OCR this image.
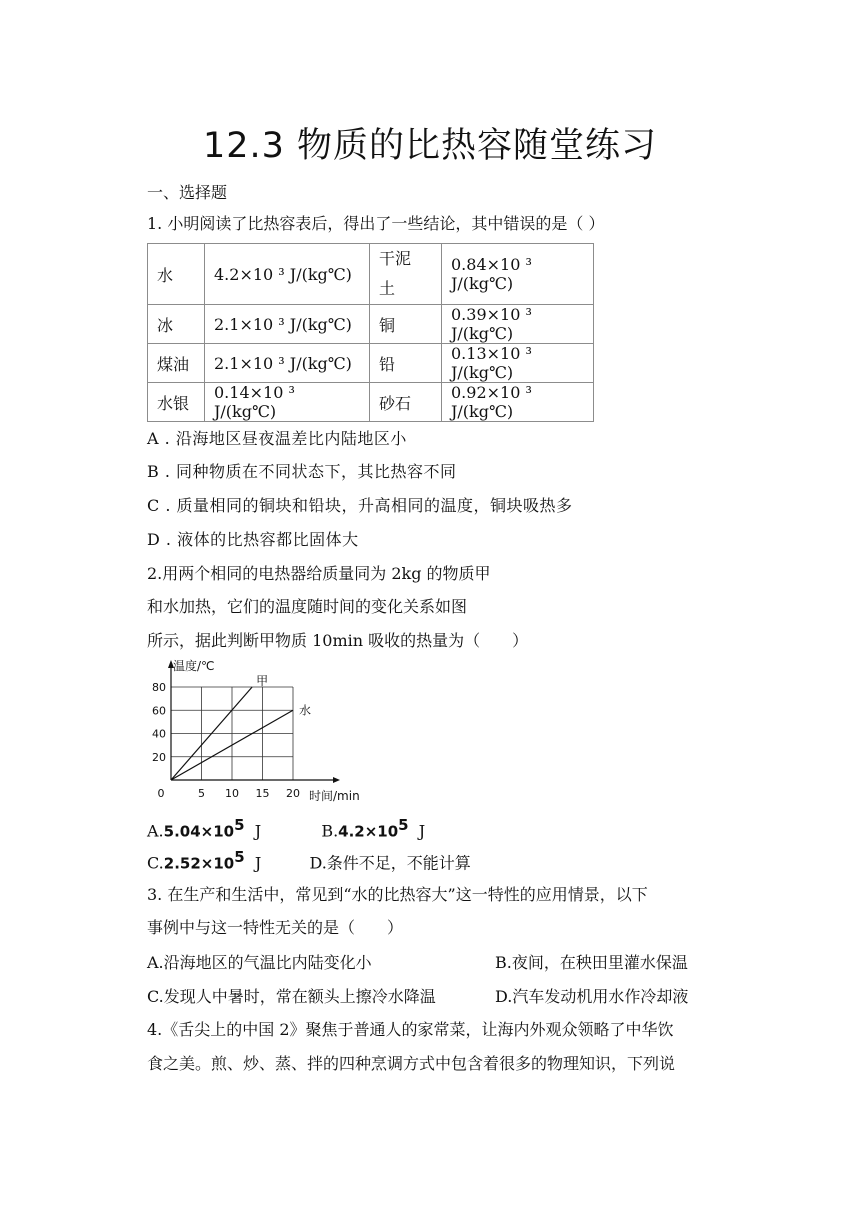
12.3 物质的比热容随堂练习
一、选择题
1. 小明阅读了比热容表后，得出了一些结论，其中错误的是（ ）
水	4.2×10 ³ J/(kg℃)	干泥土	0.84×10 ³ J/(kg℃)
冰	2.1×10 ³ J/(kg℃)	铜	0.39×10 ³ J/(kg℃)
煤油	2.1×10 ³ J/(kg℃)	铅	0.13×10 ³ J/(kg℃)
水银	0.14×10 ³ J/(kg℃)	砂石	0.92×10 ³ J/(kg℃)
A . 沿海地区昼夜温差比内陆地区小
B . 同种物质在不同状态下，其比热容不同
C . 质量相同的铜块和铅块，升高相同的温度，铜块吸热多
D . 液体的比热容都比固体大
2.用两个相同的电热器给质量同为 2kg 的物质甲
和水加热，它们的温度随时间的变化关系如图
所示，据此判断甲物质 10min 吸收的热量为（　　）
0	5 10 15 20
20
40
60
80	甲
水
温度/℃
时间/min
$A.5.04\times 10^5$ J	$B.4.2\times 10^5$ J
$C.2.52\times 10^5$ J	D.条件不足，不能计算
3. 在生产和生活中，常见到“水的比热容大”这一特性的应用情景，以下
事例中与这一特性无关的是（　　）
A.沿海地区的气温比内陆变化小	B.夜间，在秧田里灌水保温
C.发现人中暑时，常在额头上擦冷水降温	D.汽车发动机用水作冷却液
4.《舌尖上的中国 2》聚焦于普通人的家常菜，让海内外观众领略了中华饮
食之美。煎、炒、蒸、拌的四种烹调方式中包含着很多的物理知识，下列说
